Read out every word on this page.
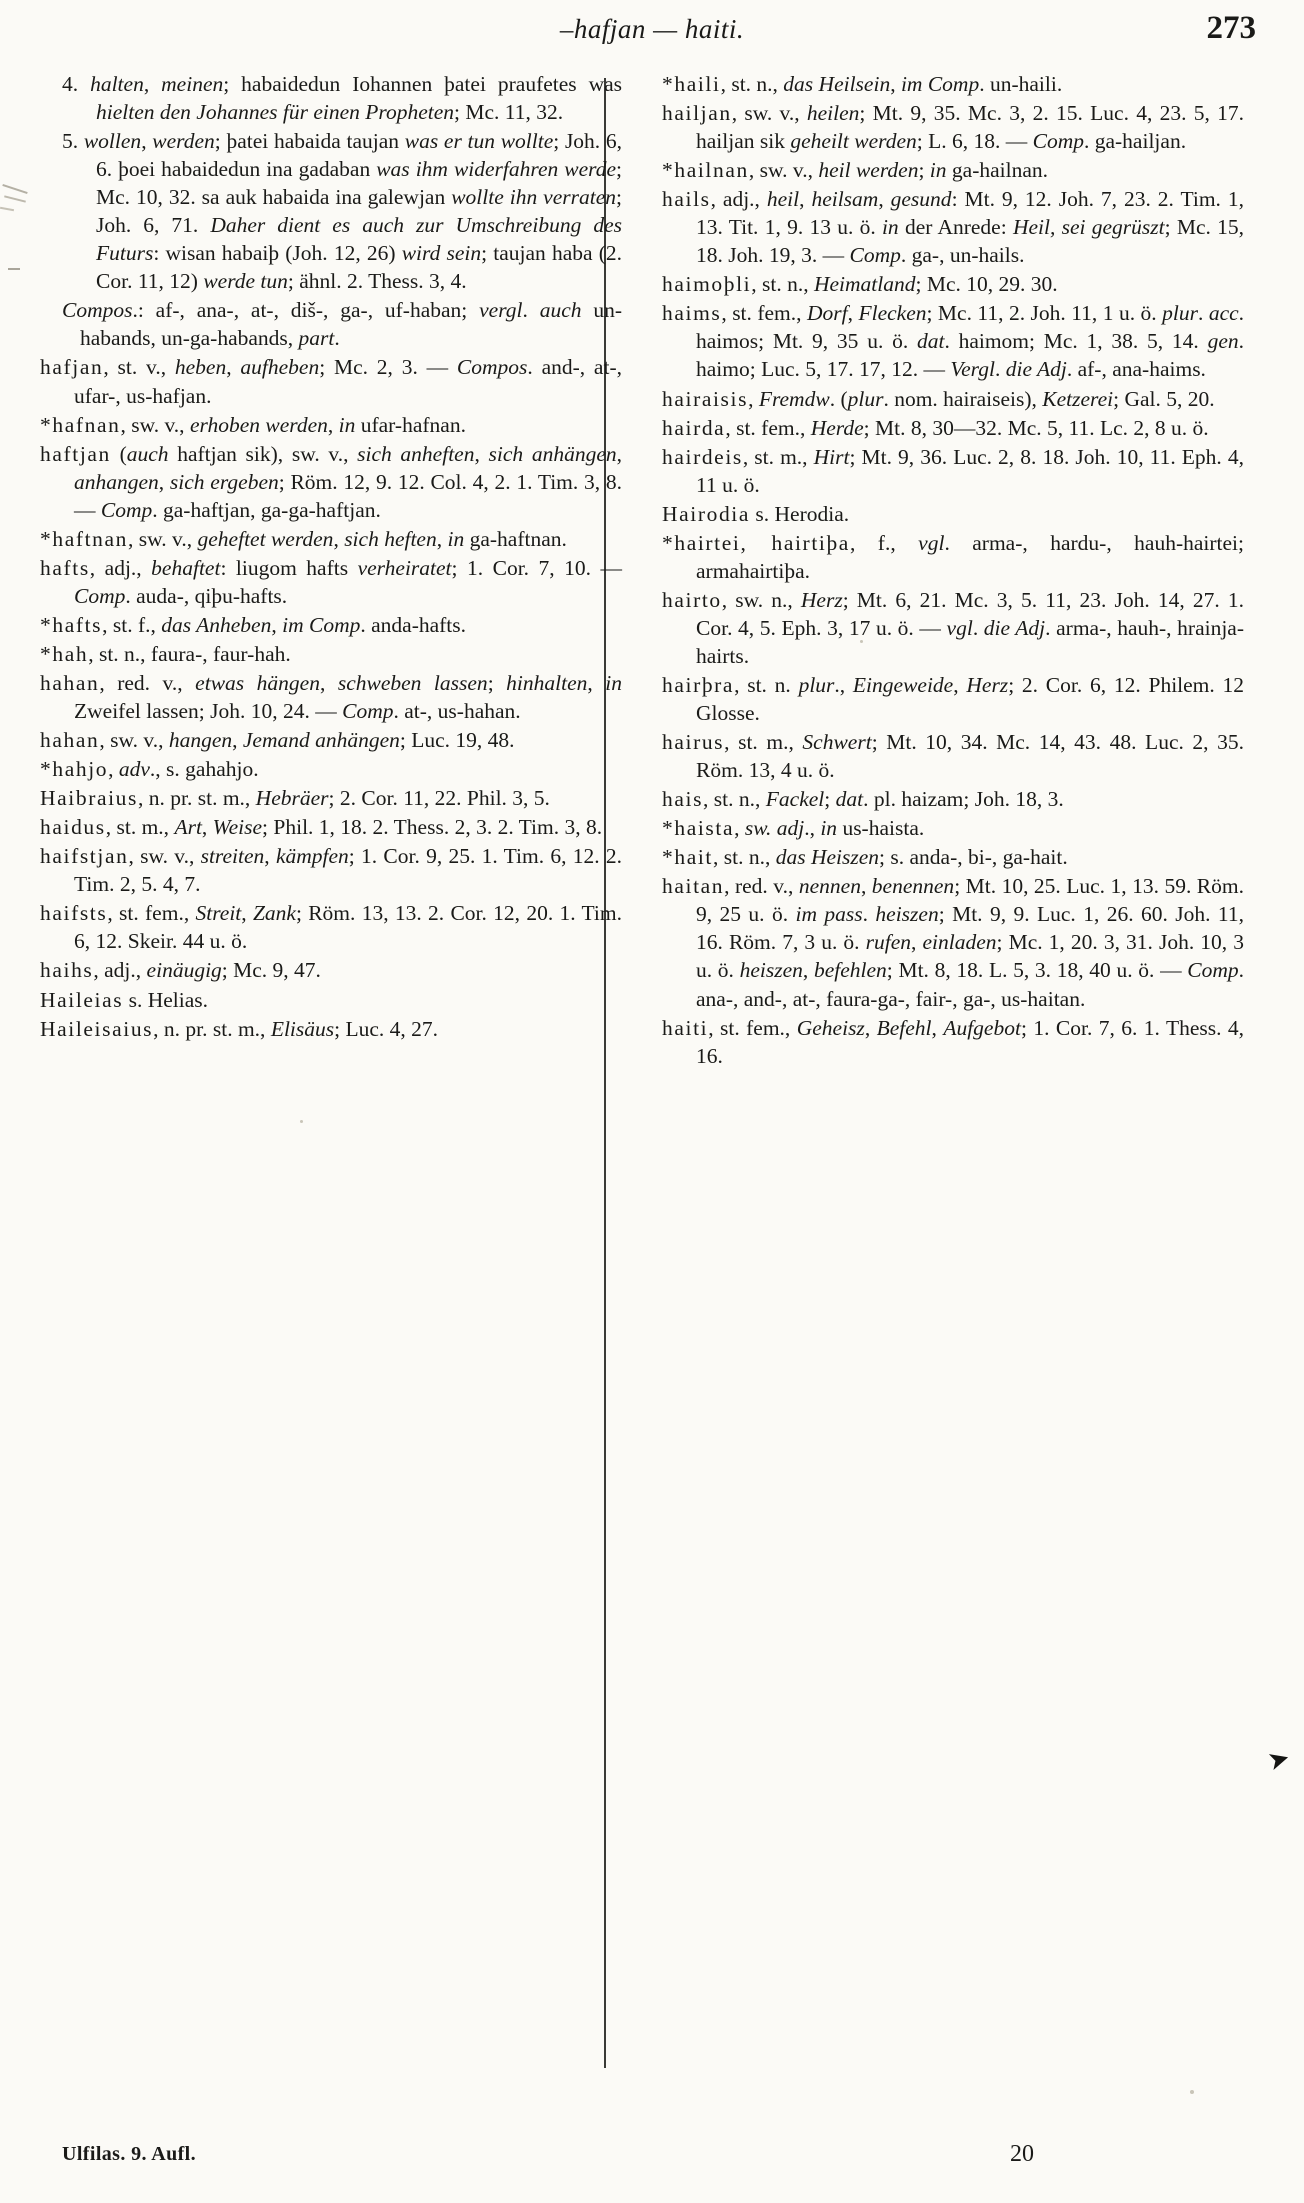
–hafjan — haiti.	273

4. halten, meinen; habaidedun Iohannen þatei praufetes was hielten den Johannes für einen Propheten; Mc. 11, 32.

5. wollen, werden; þatei habaida taujan was er tun wollte; Joh. 6, 6. þoei habaidedun ina gadaban was ihm widerfahren werde; Mc. 10, 32. sa auk habaida ina galewjan wollte ihn verraten; Joh. 6, 71. Daher dient es auch zur Umschreibung des Futurs: wisan habaiþ (Joh. 12, 26) wird sein; taujan haba (2. Cor. 11, 12) werde tun; ähnl. 2. Thess. 3, 4.

Compos.: af-, ana-, at-, diš-, ga-, uf-haban; vergl. auch un-habands, un-ga-habands, part.

hafjan, st. v., heben, aufheben; Mc. 2, 3. — Compos. and-, at-, ufar-, us-hafjan.

*hafnan, sw. v., erhoben werden, in ufar-hafnan.

haftjan (auch haftjan sik), sw. v., sich anheften, sich anhängen, anhangen, sich ergeben; Röm. 12, 9. 12. Col. 4, 2. 1. Tim. 3, 8. — Comp. ga-haftjan, ga-ga-haftjan.

*haftnan, sw. v., geheftet werden, sich heften, in ga-haftnan.

hafts, adj., behaftet: liugom hafts verheiratet; 1. Cor. 7, 10. — Comp. auda-, qiþu-hafts.

*hafts, st. f., das Anheben, im Comp. anda-hafts.

*hah, st. n., faura-, faur-hah.

hahan, red. v., etwas hängen, schweben lassen; hinhalten, in Zweifel lassen; Joh. 10, 24. — Comp. at-, us-hahan.

hahan, sw. v., hangen, Jemand anhängen; Luc. 19, 48.

*hahjo, adv., s. gahahjo.

Haibraius, n. pr. st. m., Hebräer; 2. Cor. 11, 22. Phil. 3, 5.

haidus, st. m., Art, Weise; Phil. 1, 18. 2. Thess. 2, 3. 2. Tim. 3, 8.

haifstjan, sw. v., streiten, kämpfen; 1. Cor. 9, 25. 1. Tim. 6, 12. 2. Tim. 2, 5. 4, 7.

haifsts, st. fem., Streit, Zank; Röm. 13, 13. 2. Cor. 12, 20. 1. Tim. 6, 12. Skeir. 44 u. ö.

haihs, adj., einäugig; Mc. 9, 47.

Haileias s. Helias.

Haileisaius, n. pr. st. m., Elisäus; Luc. 4, 27.

*haili, st. n., das Heilsein, im Comp. un-haili.

hailjan, sw. v., heilen; Mt. 9, 35. Mc. 3, 2. 15. Luc. 4, 23. 5, 17. hailjan sik geheilt werden; L. 6, 18. — Comp. ga-hailjan.

*hailnan, sw. v., heil werden; in ga-hailnan.

hails, adj., heil, heilsam, gesund: Mt. 9, 12. Joh. 7, 23. 2. Tim. 1, 13. Tit. 1, 9. 13 u. ö. in der Anrede: Heil, sei gegrüszt; Mc. 15, 18. Joh. 19, 3. — Comp. ga-, un-hails.

haimoþli, st. n., Heimatland; Mc. 10, 29. 30.

haims, st. fem., Dorf, Flecken; Mc. 11, 2. Joh. 11, 1 u. ö. plur. acc. haimos; Mt. 9, 35 u. ö. dat. haimom; Mc. 1, 38. 5, 14. gen. haimo; Luc. 5, 17. 17, 12. — Vergl. die Adj. af-, ana-haims.

hairaisis, Fremdw. (plur. nom. hairaiseis), Ketzerei; Gal. 5, 20.

hairda, st. fem., Herde; Mt. 8, 30—32. Mc. 5, 11. Lc. 2, 8 u. ö.

hairdeis, st. m., Hirt; Mt. 9, 36. Luc. 2, 8. 18. Joh. 10, 11. Eph. 4, 11 u. ö.

Hairodia s. Herodia.

*hairtei, hairtiþa, f., vgl. arma-, hardu-, hauh-hairtei; armahairtiþa.

hairto, sw. n., Herz; Mt. 6, 21. Mc. 3, 5. 11, 23. Joh. 14, 27. 1. Cor. 4, 5. Eph. 3, 17 u. ö. — vgl. die Adj. arma-, hauh-, hrainja-hairts.

hairþra, st. n. plur., Eingeweide, Herz; 2. Cor. 6, 12. Philem. 12 Glosse.

hairus, st. m., Schwert; Mt. 10, 34. Mc. 14, 43. 48. Luc. 2, 35. Röm. 13, 4 u. ö.

hais, st. n., Fackel; dat. pl. haizam; Joh. 18, 3.

*haista, sw. adj., in us-haista.

*hait, st. n., das Heiszen; s. anda-, bi-, ga-hait.

haitan, red. v., nennen, benennen; Mt. 10, 25. Luc. 1, 13. 59. Röm. 9, 25 u. ö. im pass. heiszen; Mt. 9, 9. Luc. 1, 26. 60. Joh. 11, 16. Röm. 7, 3 u. ö. rufen, einladen; Mc. 1, 20. 3, 31. Joh. 10, 3 u. ö. heiszen, befehlen; Mt. 8, 18. L. 5, 3. 18, 40 u. ö. — Comp. ana-, and-, at-, faura-ga-, fair-, ga-, us-haitan.

haiti, st. fem., Geheisz, Befehl, Aufgebot; 1. Cor. 7, 6. 1. Thess. 4, 16.

➤
Ulfilas. 9. Aufl.	20
